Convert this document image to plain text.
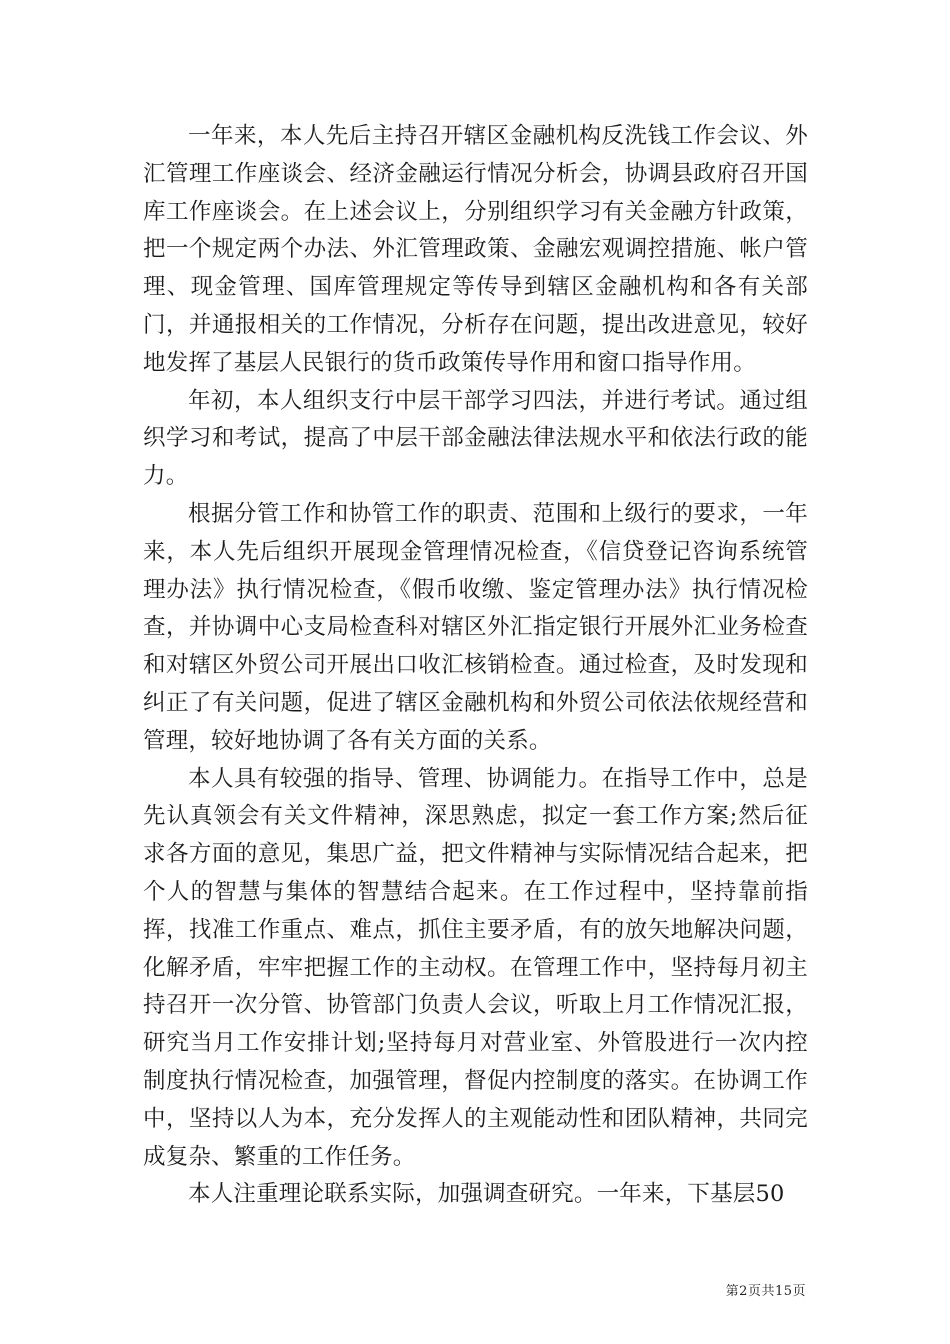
一年来，本人先后主持召开辖区金融机构反洗钱工作会议、外汇管理工作座谈会、经济金融运行情况分析会，协调县政府召开国库工作座谈会。在上述会议上，分别组织学习有关金融方针政策，把一个规定两个办法、外汇管理政策、金融宏观调控措施、帐户管理、现金管理、国库管理规定等传导到辖区金融机构和各有关部门，并通报相关的工作情况，分析存在问题，提出改进意见，较好地发挥了基层人民银行的货币政策传导作用和窗口指导作用。

年初，本人组织支行中层干部学习四法，并进行考试。通过组织学习和考试，提高了中层干部金融法律法规水平和依法行政的能力。

根据分管工作和协管工作的职责、范围和上级行的要求，一年来，本人先后组织开展现金管理情况检查，《信贷登记咨询系统管理办法》执行情况检查，《假币收缴、鉴定管理办法》执行情况检查，并协调中心支局检查科对辖区外汇指定银行开展外汇业务检查和对辖区外贸公司开展出口收汇核销检查。通过检查，及时发现和纠正了有关问题，促进了辖区金融机构和外贸公司依法依规经营和管理，较好地协调了各有关方面的关系。

本人具有较强的指导、管理、协调能力。在指导工作中，总是先认真领会有关文件精神，深思熟虑，拟定一套工作方案;然后征求各方面的意见，集思广益，把文件精神与实际情况结合起来，把个人的智慧与集体的智慧结合起来。在工作过程中，坚持靠前指挥，找准工作重点、难点，抓住主要矛盾，有的放矢地解决问题，化解矛盾，牢牢把握工作的主动权。在管理工作中，坚持每月初主持召开一次分管、协管部门负责人会议，听取上月工作情况汇报，研究当月工作安排计划;坚持每月对营业室、外管股进行一次内控制度执行情况检查，加强管理，督促内控制度的落实。在协调工作中，坚持以人为本，充分发挥人的主观能动性和团队精神，共同完成复杂、繁重的工作任务。

本人注重理论联系实际，加强调查研究。一年来，下基层50

第2页共15页
